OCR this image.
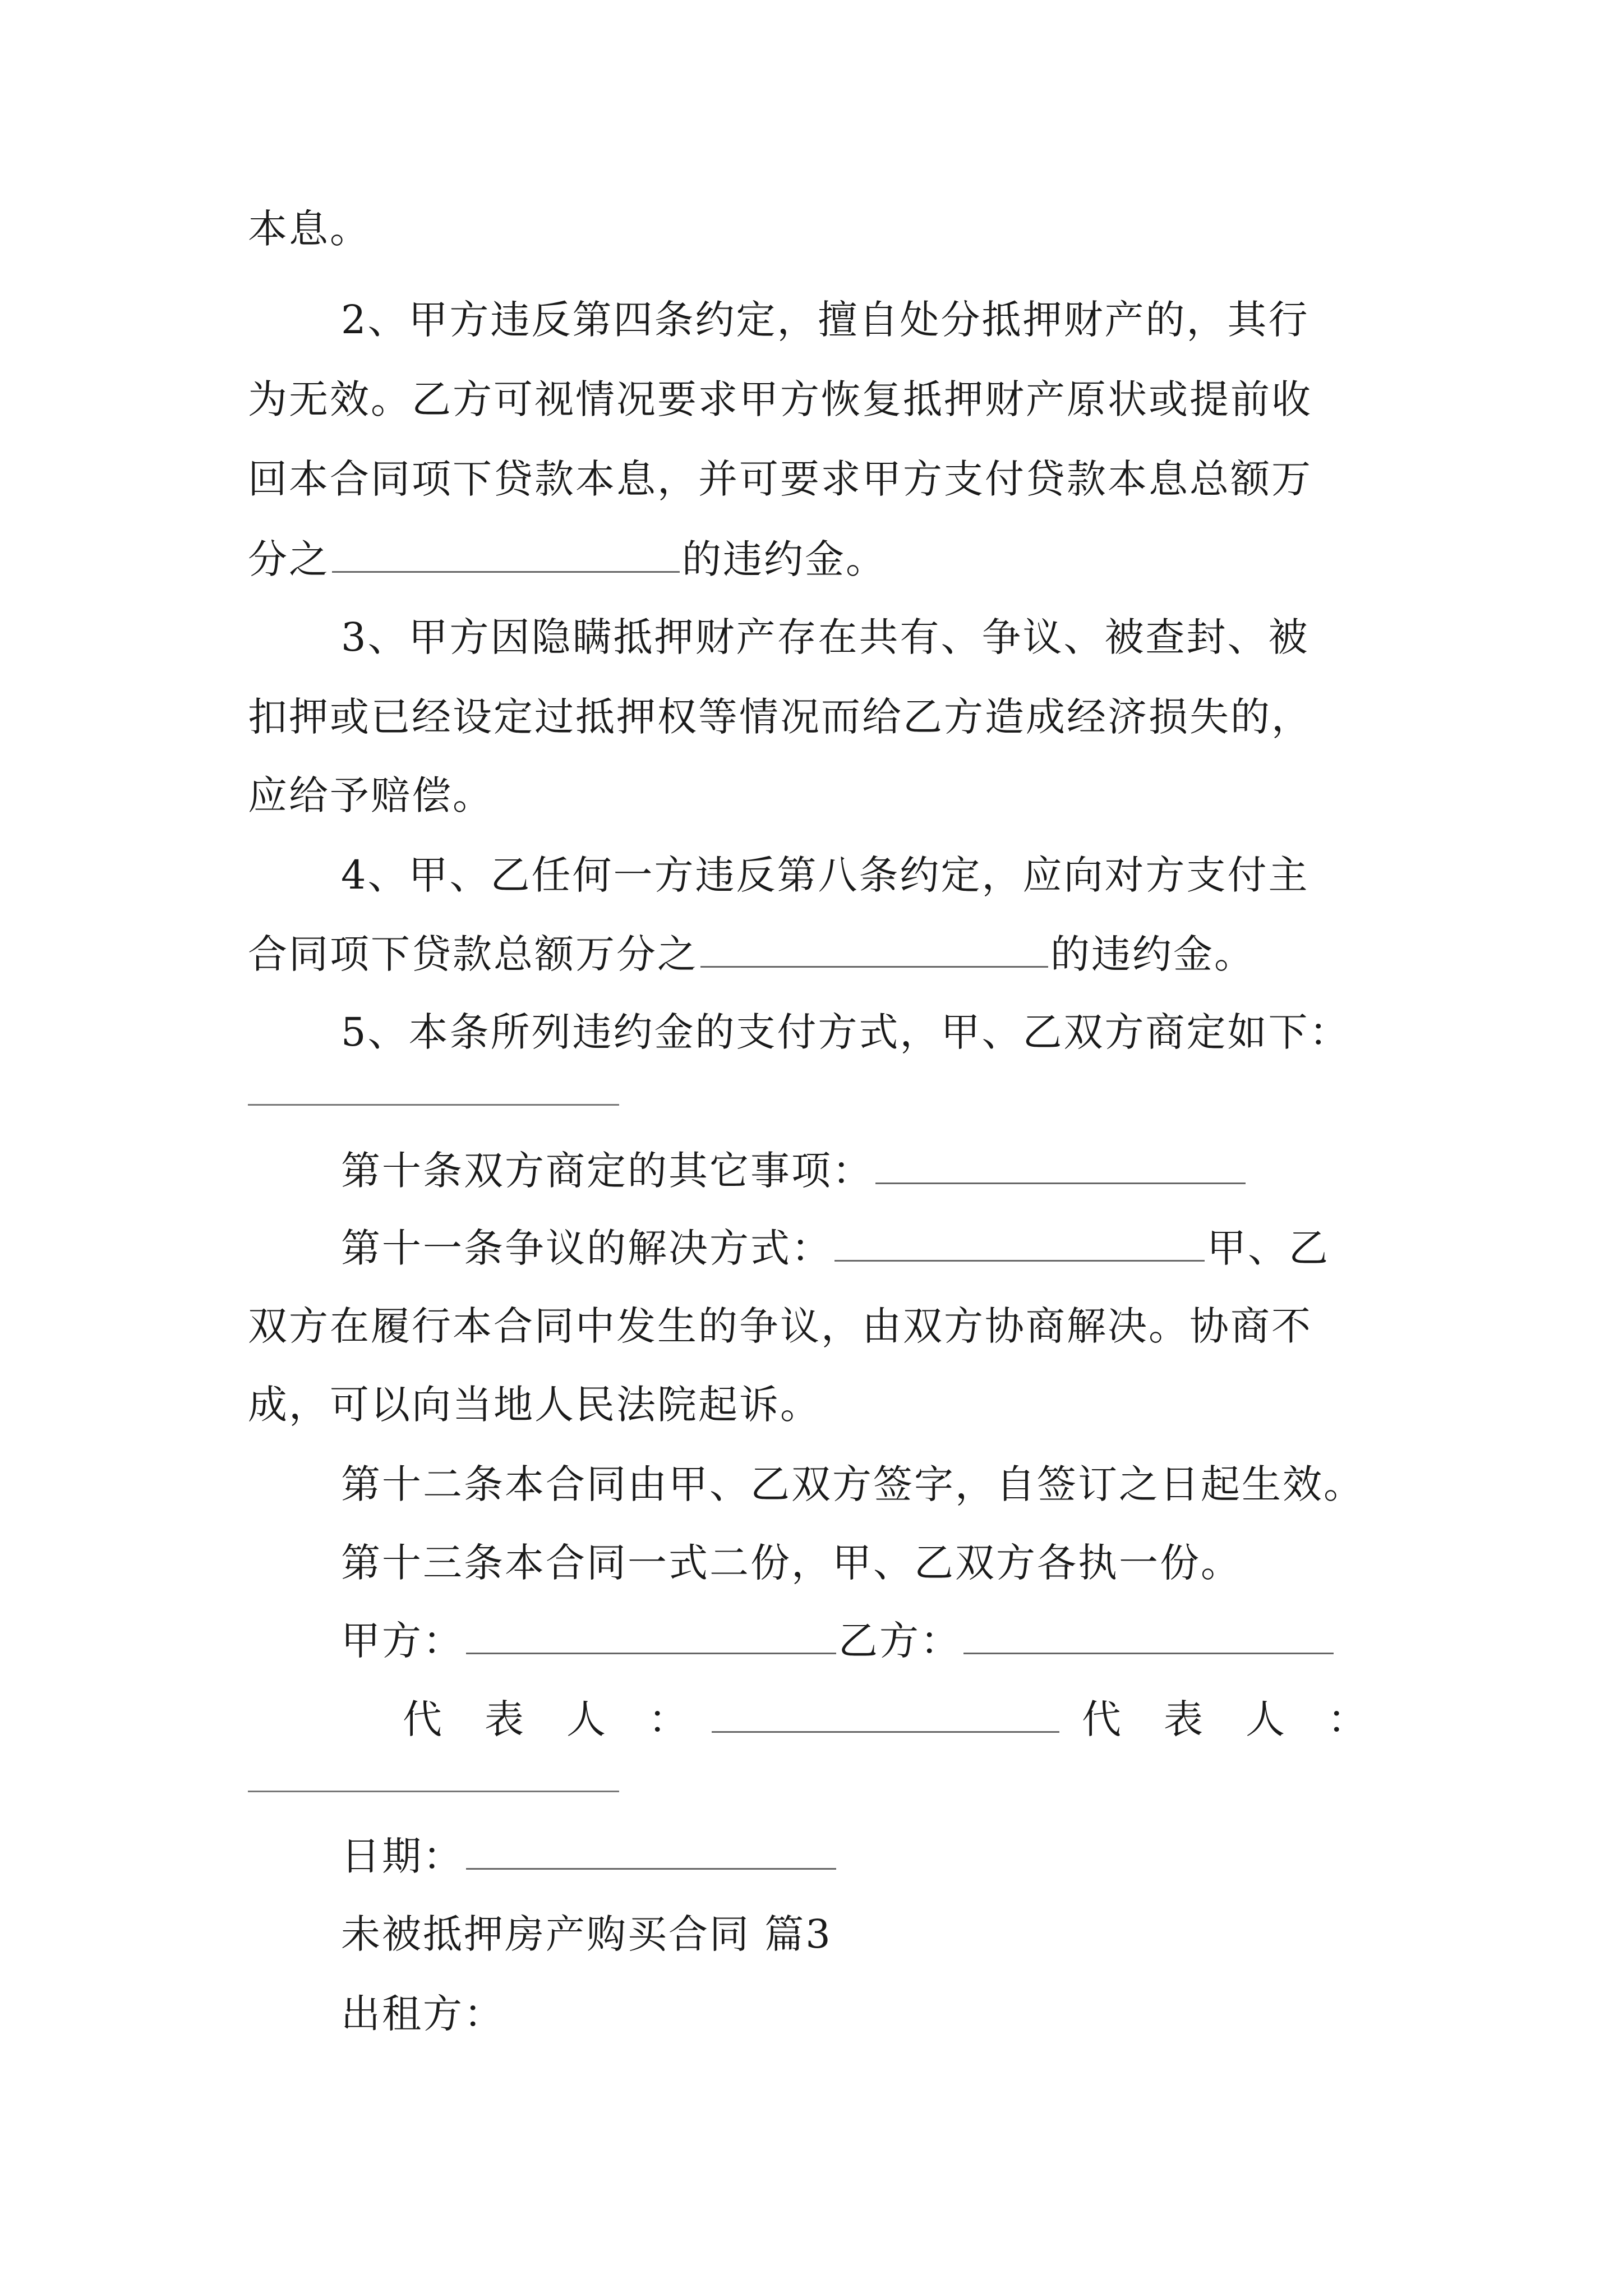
本息。
2、甲方违反第四条约定，擅自处分抵押财产的，其行
为无效。乙方可视情况要求甲方恢复抵押财产原状或提前收
回本合同项下贷款本息，并可要求甲方支付贷款本息总额万
分之	的违约金。
3、甲方因隐瞒抵押财产存在共有、争议、被查封、被
扣押或已经设定过抵押权等情况而给乙方造成经济损失的，
应给予赔偿。
4、甲、乙任何一方违反第八条约定，应向对方支付主
合同项下贷款总额万分之	的违约金。
5、本条所列违约金的支付方式，甲、乙双方商定如下：
第十条双方商定的其它事项：
第十一条争议的解决方式：	甲、乙
双方在履行本合同中发生的争议，由双方协商解决。协商不
成，可以向当地人民法院起诉。
第十二条本合同由甲、乙双方签字，自签订之日起生效。
第十三条本合同一式二份，甲、乙双方各执一份。
甲方：	乙方：
代　表　人　：	代　表　人　：
日期：
未被抵押房产购买合同 篇3
出租方：
